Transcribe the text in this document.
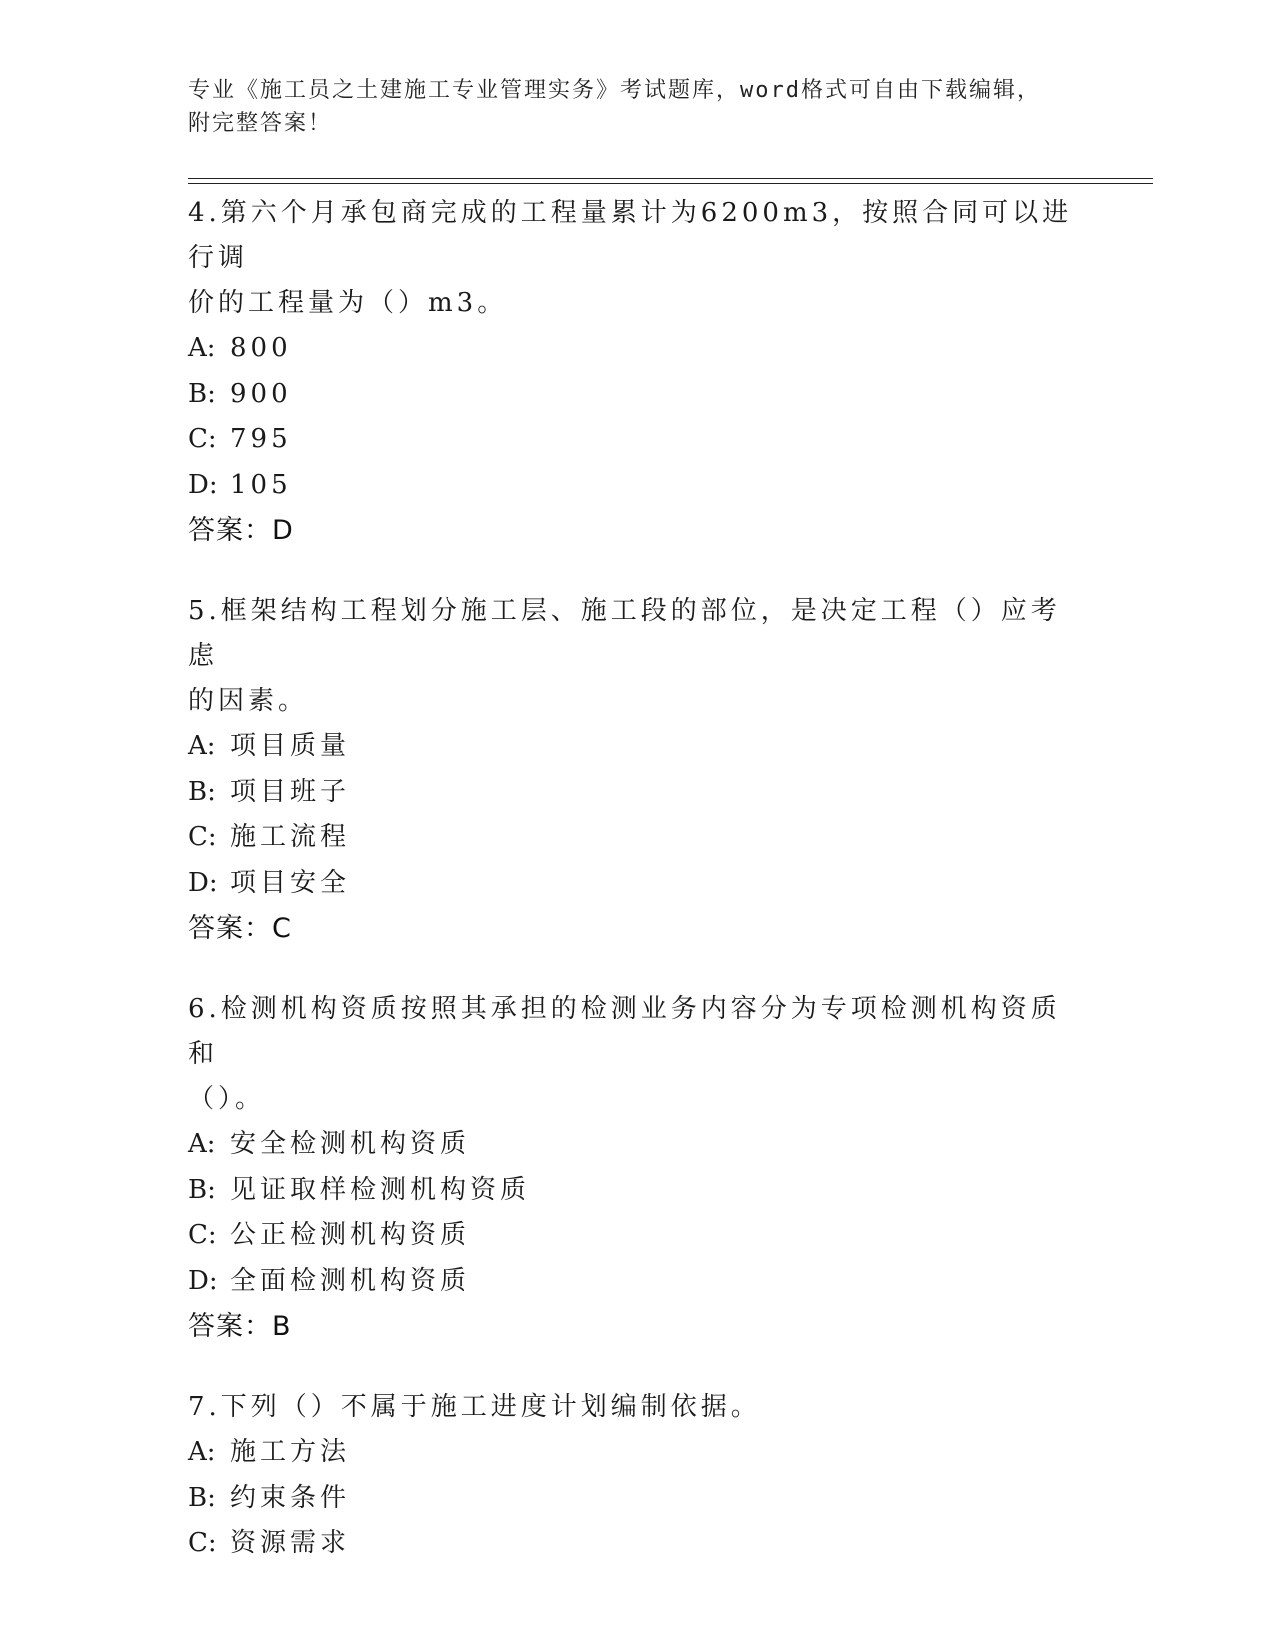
专业《施工员之土建施工专业管理实务》考试题库，word格式可自由下载编辑，
附完整答案！

4.第六个月承包商完成的工程量累计为6200m3，按照合同可以进行调
价的工程量为（）m3。

A: 800

B: 900

C: 795

D: 105

答案：D

5.框架结构工程划分施工层、施工段的部位，是决定工程（）应考虑
的因素。

A: 项目质量

B: 项目班子

C: 施工流程

D: 项目安全

答案：C

6.检测机构资质按照其承担的检测业务内容分为专项检测机构资质和
（）。

A: 安全检测机构资质

B: 见证取样检测机构资质

C: 公正检测机构资质

D: 全面检测机构资质

答案：B

7.下列（）不属于施工进度计划编制依据。

A: 施工方法

B: 约束条件

C: 资源需求
